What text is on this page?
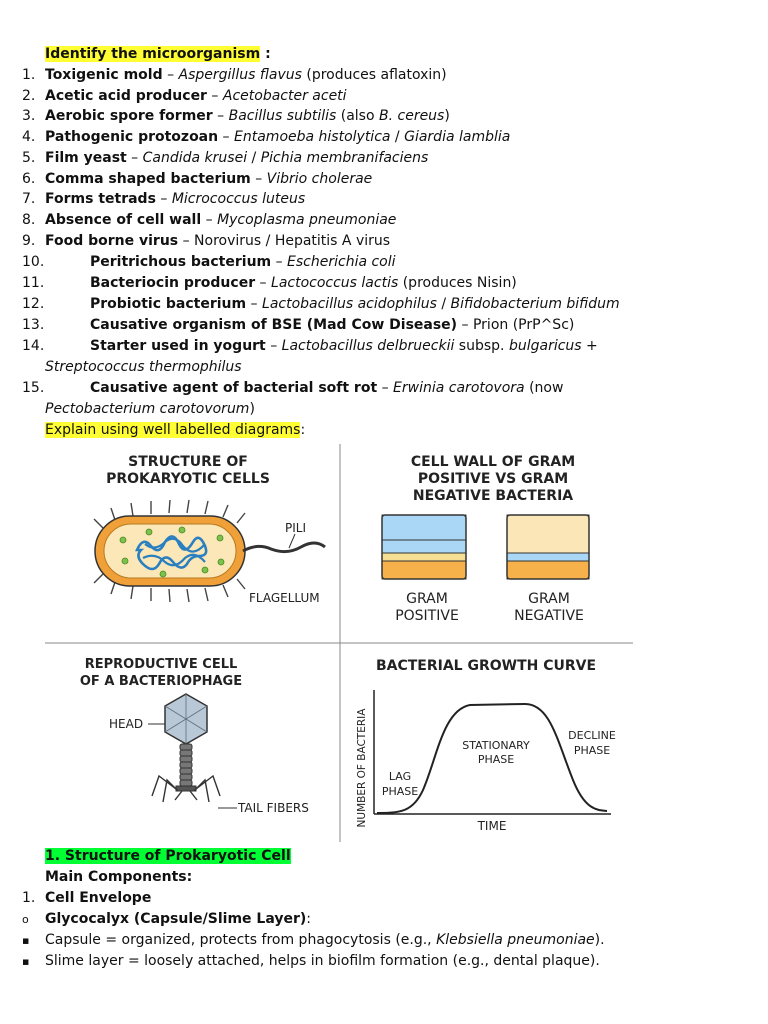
Identify the microorganism :
1. Toxigenic mold – Aspergillus flavus (produces aflatoxin)
2. Acetic acid producer – Acetobacter aceti
3. Aerobic spore former – Bacillus subtilis (also B. cereus)
4. Pathogenic protozoan – Entamoeba histolytica / Giardia lamblia
5. Film yeast – Candida krusei / Pichia membranifaciens
6. Comma shaped bacterium – Vibrio cholerae
7. Forms tetrads – Micrococcus luteus
8. Absence of cell wall – Mycoplasma pneumoniae
9. Food borne virus – Norovirus / Hepatitis A virus
10.	Peritrichous bacterium – Escherichia coli
11.	Bacteriocin producer – Lactococcus lactis (produces Nisin)
12.	Probiotic bacterium – Lactobacillus acidophilus / Bifidobacterium bifidum
13.	Causative organism of BSE (Mad Cow Disease) – Prion (PrP^Sc)
14.	Starter used in yogurt – Lactobacillus delbrueckii subsp. bulgaricus +
Streptococcus thermophilus
15.	Causative agent of bacterial soft rot – Erwinia carotovora (now
Pectobacterium carotovorum)
Explain using well labelled diagrams:
STRUCTURE OF
PROKARYOTIC CELLS
PILI
FLAGELLUM
CELL WALL OF GRAM
POSITIVE VS GRAM
NEGATIVE BACTERIA
GRAM
POSITIVE
GRAM
NEGATIVE
REPRODUCTIVE CELL
OF A BACTERIOPHAGE
HEAD
TAIL FIBERS
BACTERIAL GROWTH CURVE
NUMBER OF BACTERIA	TIME
LAG
PHASE
STATIONARY
PHASE
DECLINE
PHASE
1. Structure of Prokaryotic Cell
Main Components:
1. Cell Envelope
o Glycocalyx (Capsule/Slime Layer):
▪ Capsule = organized, protects from phagocytosis (e.g., Klebsiella pneumoniae).
▪ Slime layer = loosely attached, helps in biofilm formation (e.g., dental plaque).
